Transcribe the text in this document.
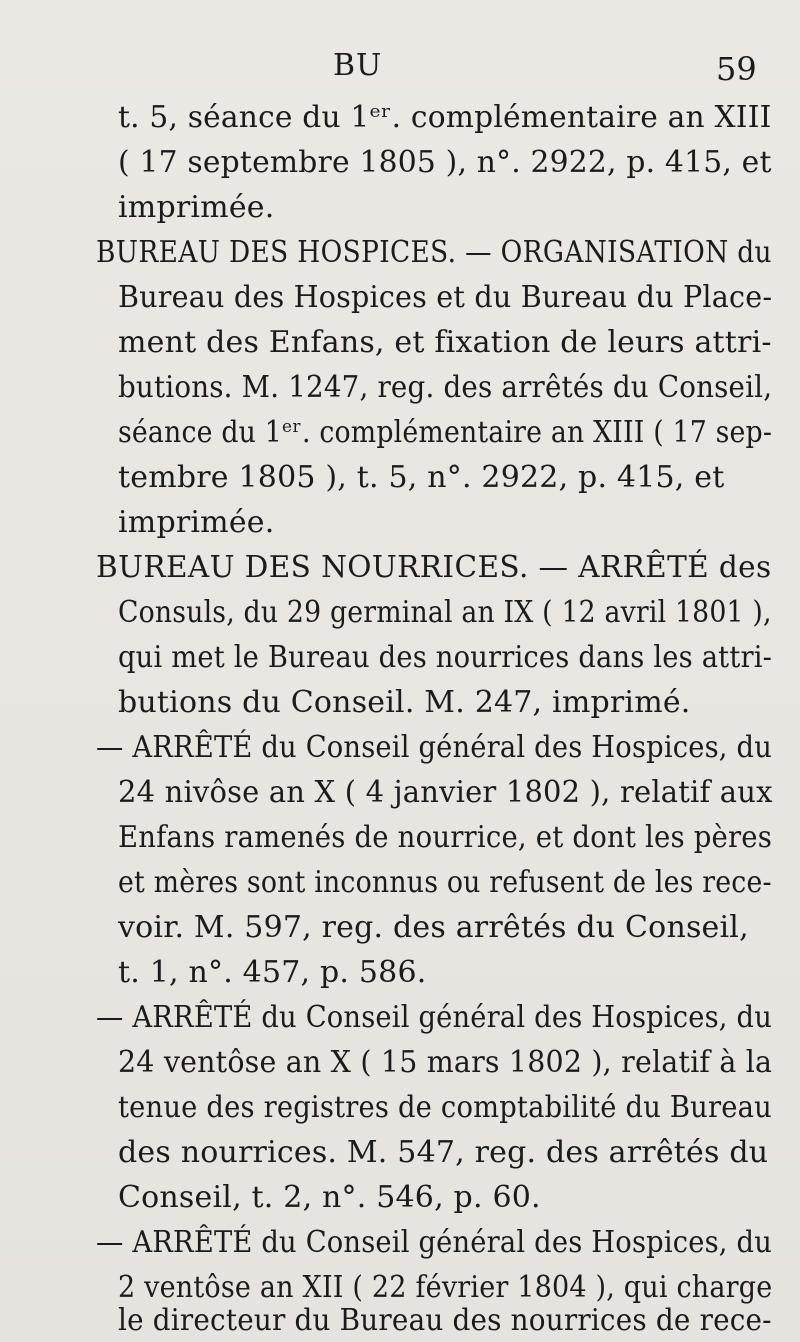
BU	59
t. 5, séance du 1ᵉʳ. complémentaire an XIII
( 17 septembre 1805 ), n°. 2922, p. 415, et
imprimée.
BUREAU DES HOSPICES. — ORGANISATION du
Bureau des Hospices et du Bureau du Place-
ment des Enfans, et fixation de leurs attri-
butions. M. 1247, reg. des arrêtés du Conseil,
séance du 1ᵉʳ. complémentaire an XIII ( 17 sep-
tembre 1805 ), t. 5, n°. 2922, p. 415, et
imprimée.
BUREAU DES NOURRICES. — ARRÊTÉ des
Consuls, du 29 germinal an IX ( 12 avril 1801 ),
qui met le Bureau des nourrices dans les attri-
butions du Conseil. M. 247, imprimé.
— ARRÊTÉ du Conseil général des Hospices, du
24 nivôse an X ( 4 janvier 1802 ), relatif aux
Enfans ramenés de nourrice, et dont les pères
et mères sont inconnus ou refusent de les rece-
voir. M. 597, reg. des arrêtés du Conseil,
t. 1, n°. 457, p. 586.
— ARRÊTÉ du Conseil général des Hospices, du
24 ventôse an X ( 15 mars 1802 ), relatif à la
tenue des registres de comptabilité du Bureau
des nourrices. M. 547, reg. des arrêtés du
Conseil, t. 2, n°. 546, p. 60.
— ARRÊTÉ du Conseil général des Hospices, du
2 ventôse an XII ( 22 février 1804 ), qui charge
le directeur du Bureau des nourrices de rece-
